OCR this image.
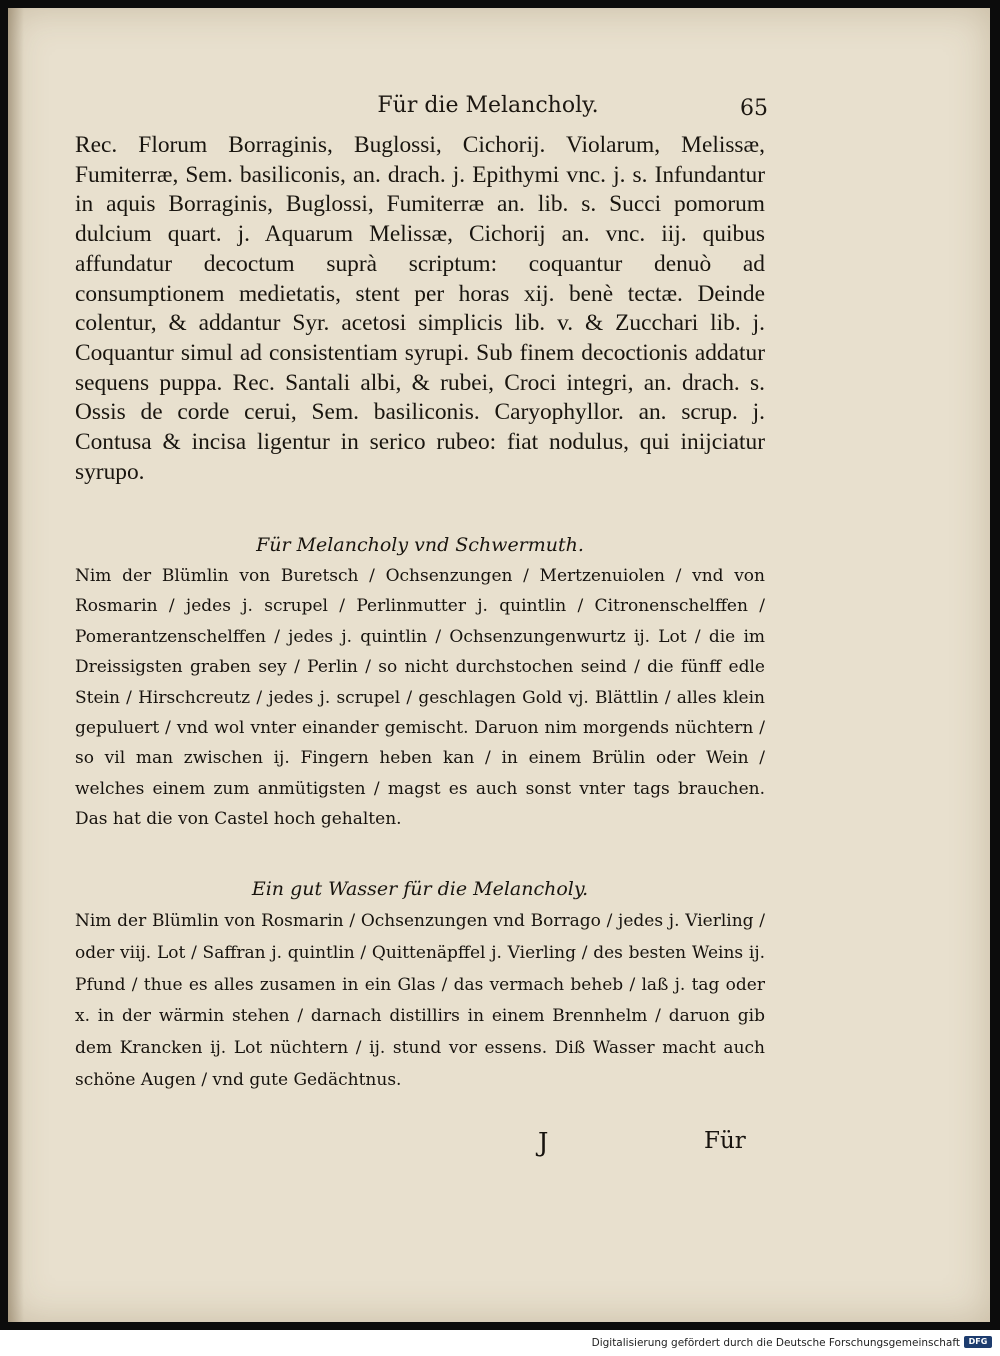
Für die Melancholy.	65

Rec. Florum Borraginis, Buglossi, Cichorij. Violarum, Melissæ, Fumiterræ, Sem. basiliconis, an. drach. j. Epithymi vnc. j. s. Infundantur in aquis Borraginis, Buglossi, Fumiterræ an. lib. s. Succi pomorum dulcium quart. j. Aquarum Melissæ, Cichorij an. vnc. iij. quibus affundatur decoctum suprà scriptum: coquantur denuò ad consumptionem medietatis, stent per horas xij. benè tectæ. Deinde colentur, & addantur Syr. acetosi simplicis lib. v. & Zucchari lib. j. Coquantur simul ad consistentiam syrupi. Sub finem decoctionis addatur sequens puppa. Rec. Santali albi, & rubei, Croci integri, an. drach. s. Ossis de corde cerui, Sem. basiliconis. Caryophyllor. an. scrup. j. Contusa & incisa ligentur in serico rubeo: fiat nodulus, qui inijciatur syrupo.

Für Melancholy vnd Schwermuth.

Nim der Blümlin von Buretsch / Ochsenzungen / Mertzenuiolen / vnd von Rosmarin / jedes j. scrupel / Perlinmutter j. quintlin / Citronenschelffen / Pomerantzenschelffen / jedes j. quintlin / Ochsenzungenwurtz ij. Lot / die im Dreissigsten graben sey / Perlin / so nicht durchstochen seind / die fünff edle Stein / Hirschcreutz / jedes j. scrupel / geschlagen Gold vj. Blättlin / alles klein gepuluert / vnd wol vnter einander gemischt. Daruon nim morgends nüchtern / so vil man zwischen ij. Fingern heben kan / in einem Brülin oder Wein / welches einem zum anmütigsten / magst es auch sonst vnter tags brauchen. Das hat die von Castel hoch gehalten.

Ein gut Wasser für die Melancholy.

Nim der Blümlin von Rosmarin / Ochsenzungen vnd Borrago / jedes j. Vierling / oder viij. Lot / Saffran j. quintlin / Quittenäpffel j. Vierling / des besten Weins ij. Pfund / thue es alles zusamen in ein Glas / das vermach beheb / laß j. tag oder x. in der wärmin stehen / darnach distillirs in einem Brennhelm / daruon gib dem Krancken ij. Lot nüchtern / ij. stund vor essens. Diß Wasser macht auch schöne Augen / vnd gute Gedächtnus.

J	Für
Digitalisierung gefördert durch die Deutsche Forschungsgemeinschaft	DFG
